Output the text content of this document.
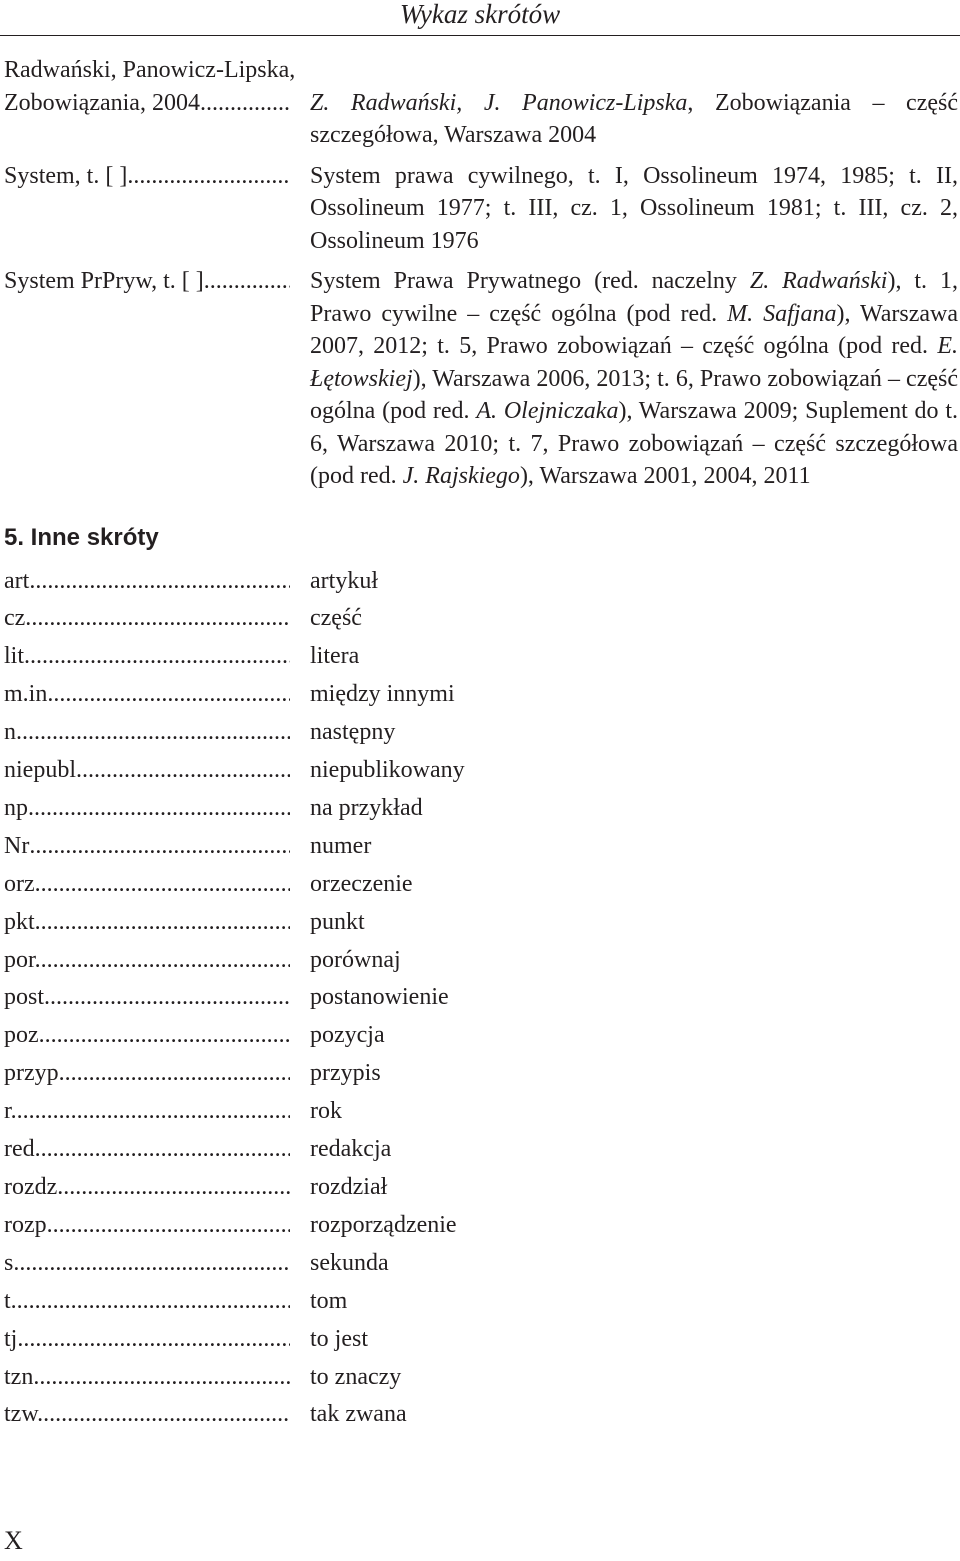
Wykaz skrótów
Radwański, Panowicz-Lipska,
Zobowiązania, 2004 .....	Z. Radwański, J. Panowicz-Lipska, Zobowiązania – część szczegółowa, Warszawa 2004
System, t. [ ] .....	System prawa cywilnego, t. I, Ossolineum 1974, 1985; t. II, Ossolineum 1977; t. III, cz. 1, Ossolineum 1981; t. III, cz. 2, Ossolineum 1976
System PrPryw, t. [ ] .....	System Prawa Prywatnego (red. naczelny Z. Radwański), t. 1, Prawo cywilne – część ogólna (pod red. M. Safjana), Warszawa 2007, 2012; t. 5, Prawo zobowiązań – część ogólna (pod red. E. Łętowskiej), Warszawa 2006, 2013; t. 6, Prawo zobowiązań – część ogólna (pod red. A. Olejniczaka), Warszawa 2009; Suplement do t. 6, Warszawa 2010; t. 7, Prawo zobowiązań – część szczegółowa (pod red. J. Rajskiego), Warszawa 2001, 2004, 2011
5. Inne skróty
art. .....	artykuł
cz. .....	część
lit. .....	litera
m.in. .....	między innymi
n. .....	następny
niepubl. .....	niepublikowany
np. .....	na przykład
Nr .....	numer
orz. .....	orzeczenie
pkt .....	punkt
por. .....	porównaj
post. .....	postanowienie
poz. .....	pozycja
przyp. .....	przypis
r. .....	rok
red. .....	redakcja
rozdz. .....	rozdział
rozp. .....	rozporządzenie
s .....	sekunda
t. .....	tom
tj. .....	to jest
tzn. .....	to znaczy
tzw. .....	tak zwana
X
